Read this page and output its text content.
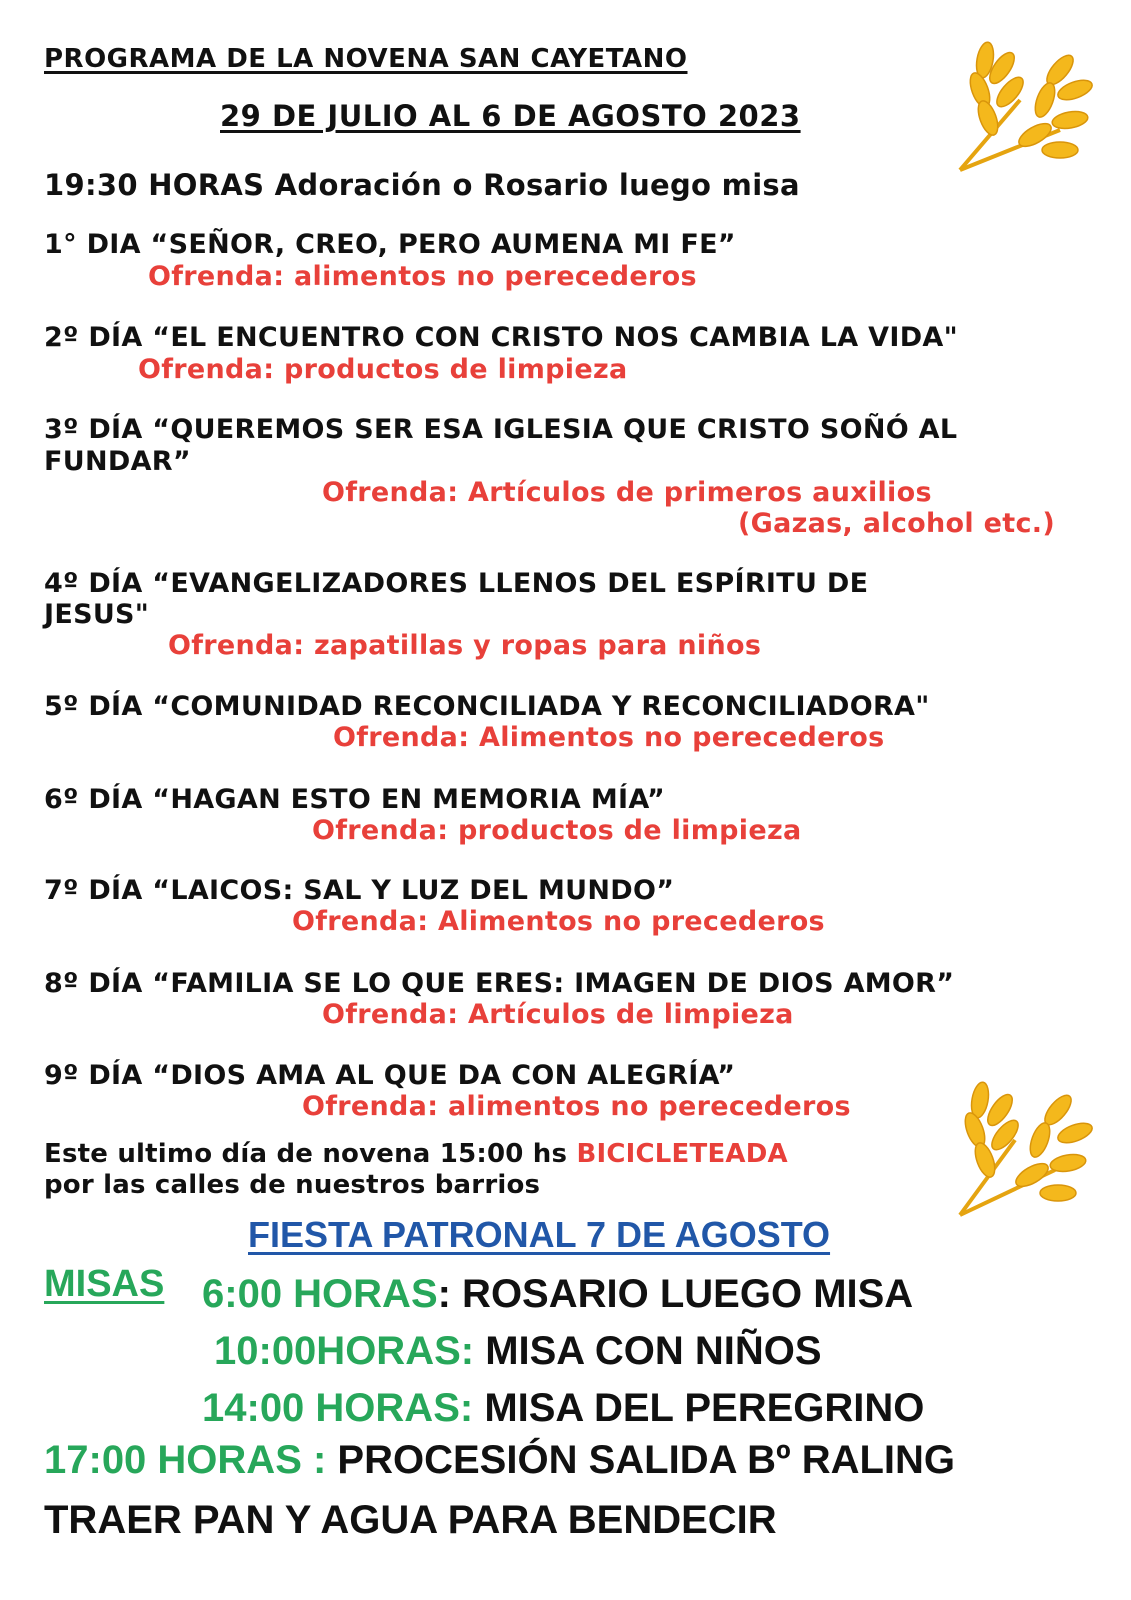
PROGRAMA DE LA NOVENA SAN CAYETANO
29 DE JULIO AL 6 DE AGOSTO 2023
19:30 HORAS Adoración o Rosario luego misa
1° DIA “SEÑOR, CREO, PERO AUMENA MI FE”
Ofrenda: alimentos no perecederos
2º DÍA “EL ENCUENTRO CON CRISTO NOS CAMBIA LA VIDA"
Ofrenda: productos de limpieza
3º DÍA “QUEREMOS SER ESA IGLESIA QUE CRISTO SOÑÓ AL
FUNDAR”
Ofrenda: Artículos de primeros auxilios
(Gazas, alcohol etc.)
4º DÍA “EVANGELIZADORES LLENOS DEL ESPÍRITU DE
JESUS"
Ofrenda: zapatillas y ropas para niños
5º DÍA “COMUNIDAD RECONCILIADA Y RECONCILIADORA"
Ofrenda: Alimentos no perecederos
6º DÍA “HAGAN ESTO EN MEMORIA MÍA”
Ofrenda: productos de limpieza
7º DÍA “LAICOS: SAL Y LUZ DEL MUNDO”
Ofrenda: Alimentos no precederos
8º DÍA “FAMILIA SE LO QUE ERES: IMAGEN DE DIOS AMOR”
Ofrenda: Artículos de limpieza
9º DÍA “DIOS AMA AL QUE DA CON ALEGRÍA”
Ofrenda: alimentos no perecederos
Este ultimo día de novena 15:00 hs BICICLETEADA
por las calles de nuestros barrios
FIESTA PATRONAL 7 DE AGOSTO
MISAS 6:00 HORAS: ROSARIO LUEGO MISA
10:00HORAS: MISA CON NIÑOS
14:00 HORAS: MISA DEL PEREGRINO
17:00 HORAS : PROCESIÓN SALIDA Bº RALING
TRAER PAN Y AGUA PARA BENDECIR
